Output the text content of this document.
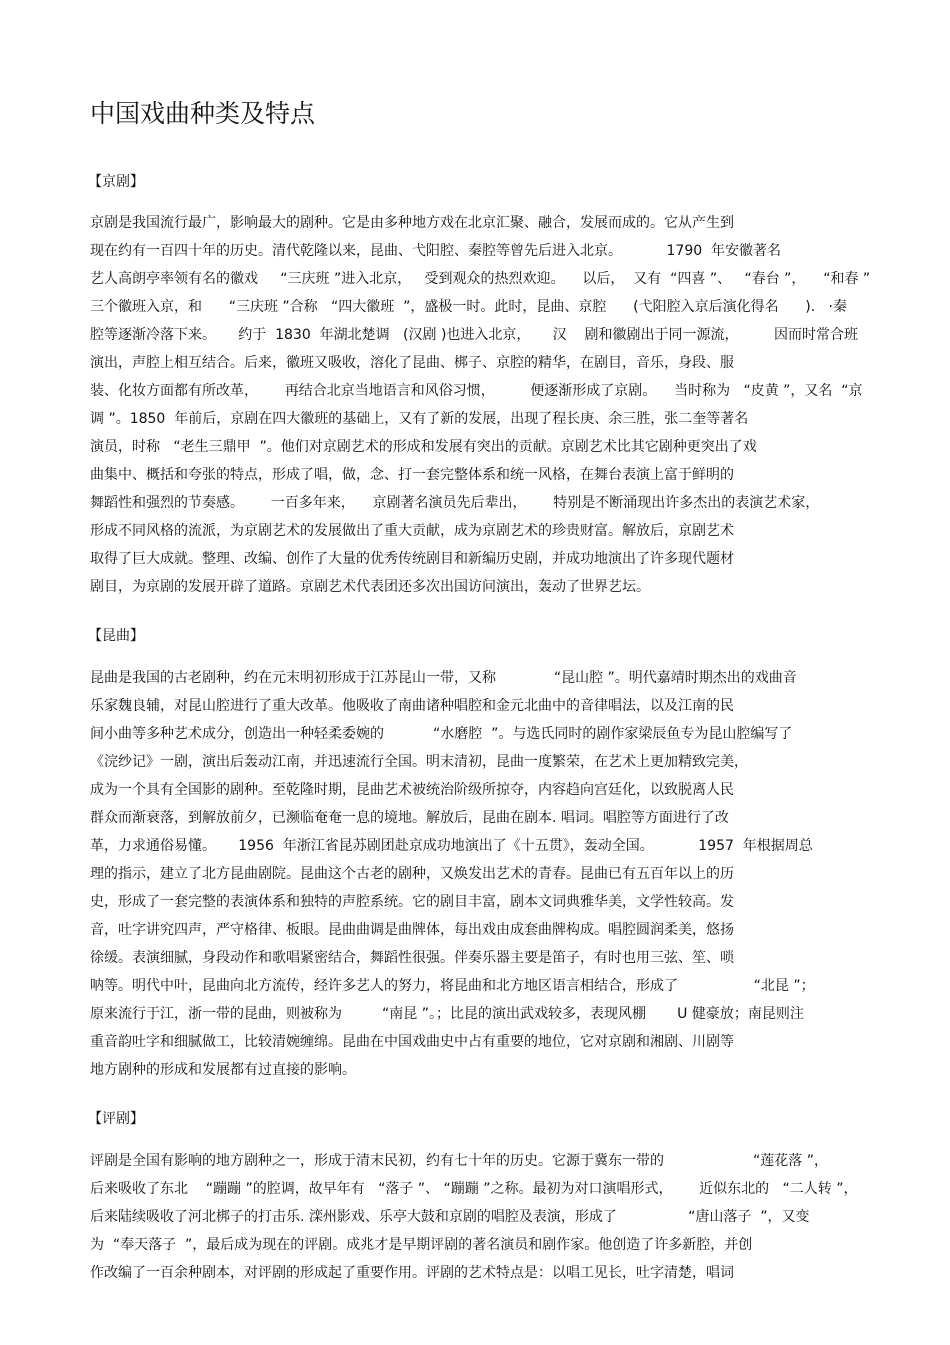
中国戏曲种类及特点
【京剧】
京剧是我国流行最广，影响最大的剧种。它是由多种地方戏在北京汇聚、融合，发展而成的。它从产生到
现在约有一百四十年的历史。清代乾隆以来，昆曲、弋阳腔、秦腔等曾先后进入北京。          1790  年安徽著名
艺人高朗亭率领有名的徽戏     “三庆班 ”进入北京，   受到观众的热烈欢迎。    以后，  又有  “四喜 ”、   “春台 ”，    “和春 ”
三个徽班入京，和      “三庆班 ”合称   “四大徽班  ”，盛极一时。此时，昆曲、京腔      (弋阳腔入京后演化得名      ).   ·秦
腔等逐渐冷落下来。     约于  1830  年湖北楚调   (汉剧 )也进入北京，     汉    剧和徽剧出于同一源流，        因而时常合班
演出，声腔上相互结合。后来，徽班又吸收，溶化了昆曲、梆子、京腔的精华，在剧目，音乐，身段、服
装、化妆方面都有所改革，      再结合北京当地语言和风俗习惯，        便逐渐形成了京剧。    当时称为   “皮黄 ”，又名  “京
调 ”。1850  年前后，京剧在四大徽班的基础上，又有了新的发展，出现了程长庚、余三胜，张二奎等著名
演员，时称   “老生三鼎甲  ”。他们对京剧艺术的形成和发展有突出的贡献。京剧艺术比其它剧种更突出了戏
曲集中、概括和夸张的特点，形成了唱，做，念、打一套完整体系和统一风格，在舞台表演上富于鲜明的
舞蹈性和强烈的节奏感。      一百多年来，    京剧著名演员先后辈出，      特别是不断涌现出许多杰出的表演艺术家，
形成不同风格的流派，为京剧艺术的发展做出了重大贡献，成为京剧艺术的珍贵财富。解放后，京剧艺术
取得了巨大成就。整理、改编、创作了大量的优秀传统剧目和新编历史剧，并成功地演出了许多现代题材
剧目，为京剧的发展开辟了道路。京剧艺术代表团还多次出国访问演出，轰动了世界艺坛。
【昆曲】
昆曲是我国的古老剧种，约在元末明初形成于江苏昆山一带，又称             “昆山腔 ”。明代嘉靖时期杰出的戏曲音
乐家魏良辅，对昆山腔进行了重大改革。他吸收了南曲诸种唱腔和金元北曲中的音律唱法，以及江南的民
间小曲等多种艺术成分，创造出一种轻柔委婉的           “水磨腔  ”。与选氏同时的剧作家梁辰鱼专为昆山腔编写了
《浣纱记》一剧，演出后轰动江南，并迅速流行全国。明末清初，昆曲一度繁荣，在艺术上更加精致完美，
成为一个具有全国影的剧种。至乾隆时期，昆曲艺术被统治阶级所掠夺，内容趋向宫廷化，以致脱离人民
群众而渐衰落，到解放前夕，已濒临奄奄一息的境地。解放后，昆曲在剧本. 唱词。唱腔等方面进行了改
革，力求通俗易懂。     1956  年浙江省昆苏剧团赴京成功地演出了《十五贯》，轰动全国。          1957  年根据周总
理的指示，建立了北方昆曲剧院。昆曲这个古老的剧种，又焕发出艺术的青春。昆曲已有五百年以上的历
史，形成了一套完整的表演体系和独特的声腔系统。它的剧目丰富，剧本文词典雅华美，文学性较高。发
音，吐字讲究四声，严守格律、板眼。昆曲曲调是曲牌体，每出戏由成套曲牌构成。唱腔圆润柔美，悠扬
徐缓。表演细腻，身段动作和歌唱紧密结合，舞蹈性很强。伴奏乐器主要是笛子，有时也用三弦、笙、唢
呐等。明代中叶，昆曲向北方流传，经许多艺人的努力，将昆曲和北方地区语言相结合，形成了                 “北昆 ”；
原来流行于江，浙一带的昆曲，则被称为         “南昆 ”。；比昆的演出武戏较多，表现风棚       U 健豪放；南昆则注
重音韵吐字和细腻做工，比较清婉缠绵。昆曲在中国戏曲史中占有重要的地位，它对京剧和湘剧、川剧等
地方剧种的形成和发展都有过直接的影响。
【评剧】
评剧是全国有影响的地方剧种之一，形成于清末民初，约有七十年的历史。它源于冀东一带的                    “莲花落 ”，
后来吸收了东北    “蹦蹦 ”的腔调，故早年有   “落子 ”、 “蹦蹦 ”之称。最初为对口演唱形式，      近似东北的   “二人转 ”，
后来陆续吸收了河北梆子的打击乐. 滦州影戏、乐亭大鼓和京剧的唱腔及表演，形成了                “唐山落子  ”，又变
为  “奉天落子  ”，最后成为现在的评剧。成兆才是早期评剧的著名演员和剧作家。他创造了许多新腔，并创
作改编了一百余种剧本，对评剧的形成起了重要作用。评剧的艺术特点是：以唱工见长，吐字清楚，唱词
